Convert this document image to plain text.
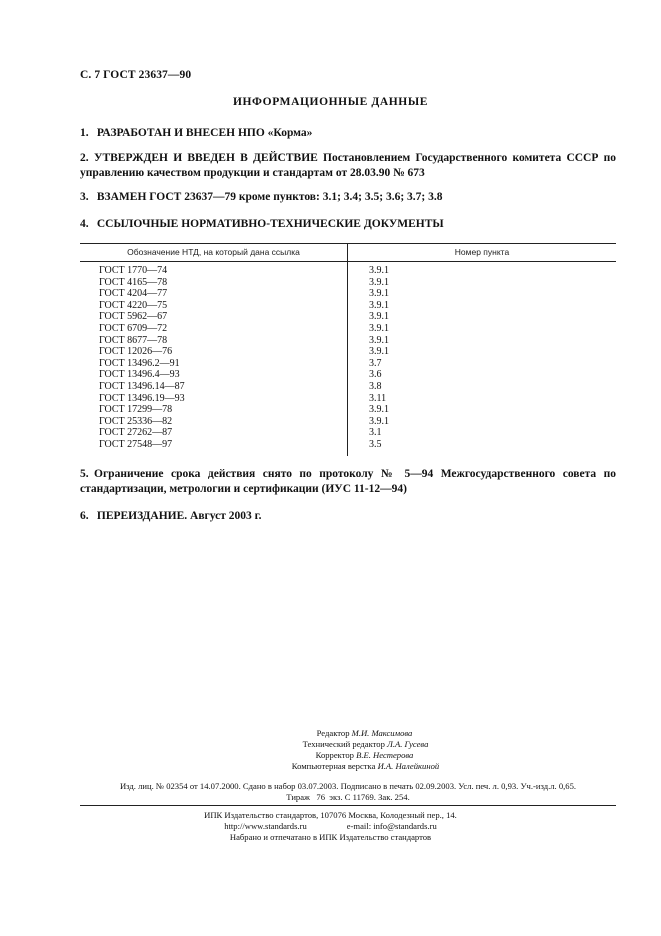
С. 7 ГОСТ 23637—90
ИНФОРМАЦИОННЫЕ ДАННЫЕ
1. РАЗРАБОТАН И ВНЕСЕН НПО «Корма»
2. УТВЕРЖДЕН И ВВЕДЕН В ДЕЙСТВИЕ Постановлением Государственного комитета СССР по управлению качеством продукции и стандартам от 28.03.90 № 673
3. ВЗАМЕН ГОСТ 23637—79 кроме пунктов: 3.1; 3.4; 3.5; 3.6; 3.7; 3.8
4. ССЫЛОЧНЫЕ НОРМАТИВНО-ТЕХНИЧЕСКИЕ ДОКУМЕНТЫ
Обозначение НТД, на который дана ссылка	Номер пункта
ГОСТ 1770—74	3.9.1
ГОСТ 4165—78	3.9.1
ГОСТ 4204—77	3.9.1
ГОСТ 4220—75	3.9.1
ГОСТ 5962—67	3.9.1
ГОСТ 6709—72	3.9.1
ГОСТ 8677—78	3.9.1
ГОСТ 12026—76	3.9.1
ГОСТ 13496.2—91	3.7
ГОСТ 13496.4—93	3.6
ГОСТ 13496.14—87	3.8
ГОСТ 13496.19—93	3.11
ГОСТ 17299—78	3.9.1
ГОСТ 25336—82	3.9.1
ГОСТ 27262—87	3.1
ГОСТ 27548—97	3.5
5. Ограничение срока действия снято по протоколу № 5—94 Межгосударственного совета по стандартизации, метрологии и сертификации (ИУС 11-12—94)
6. ПЕРЕИЗДАНИЕ. Август 2003 г.
Редактор М.И. Максимова
Технический редактор Л.А. Гусева
Корректор В.Е. Нестерова
Компьютерная верстка И.А. Налейкиной
Изд. лиц. № 02354 от 14.07.2000. Сдано в набор 03.07.2003. Подписано в печать 02.09.2003. Усл. печ. л. 0,93. Уч.-изд.л. 0,65.
Тираж   76  экз. С 11769. Зак. 254.
ИПК Издательство стандартов, 107076 Москва, Колодезный пер., 14.
http://www.standards.ru	e-mail: info@standards.ru
Набрано и отпечатано в ИПК Издательство стандартов
